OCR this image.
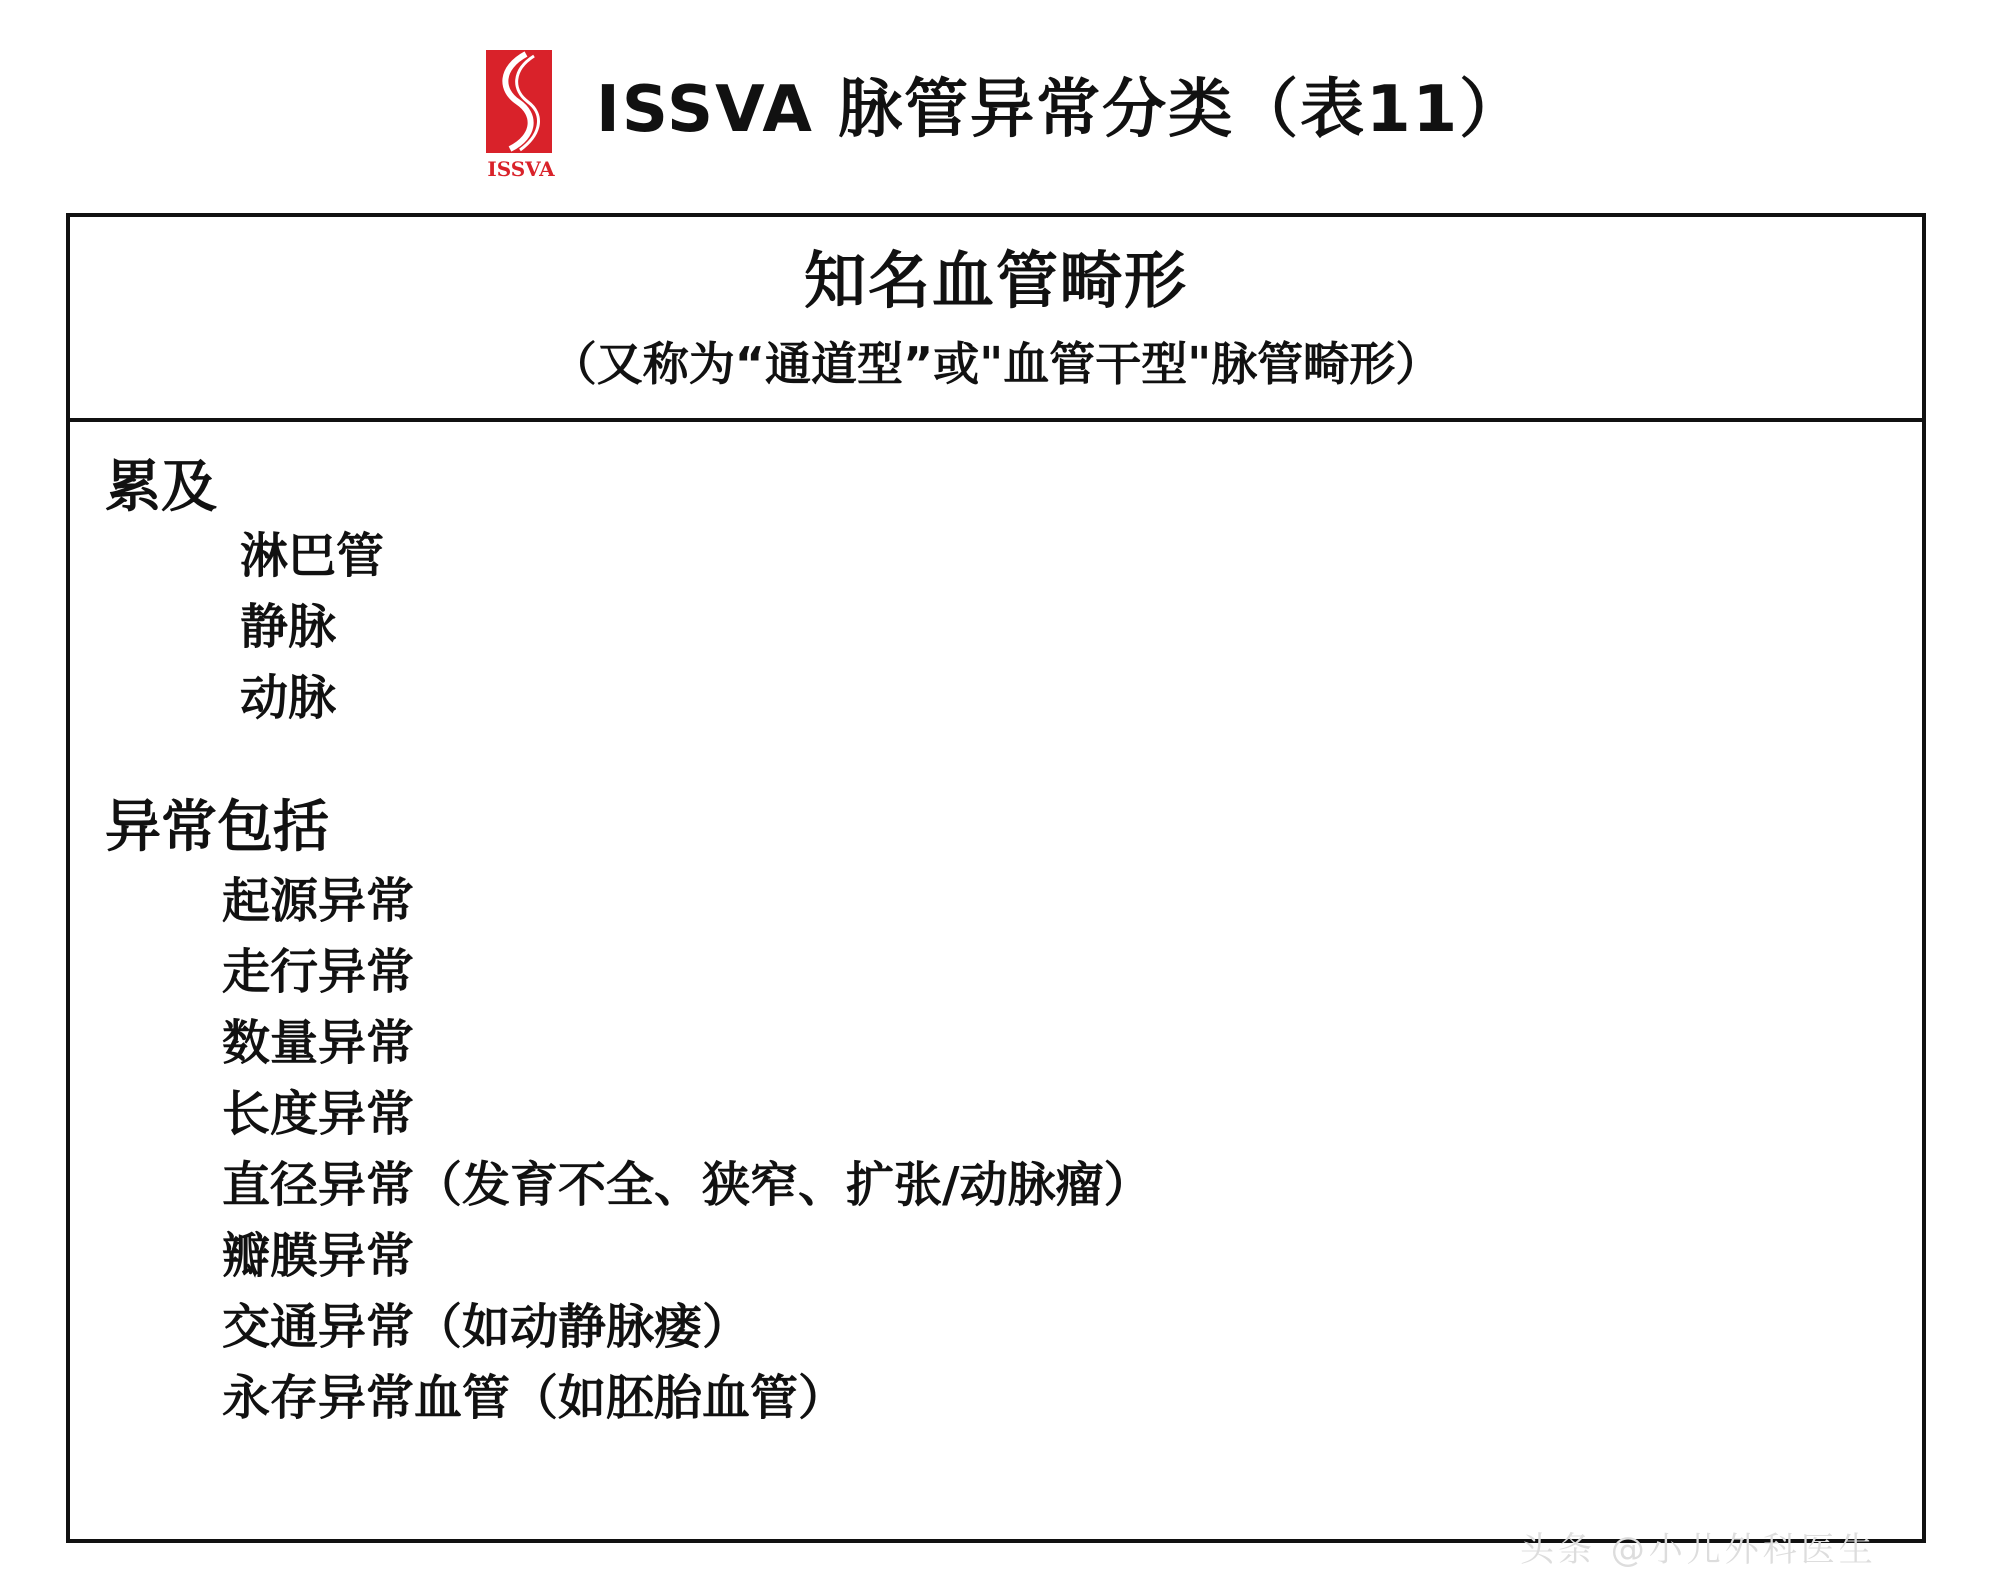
ISSVA
ISSVA 脉管异常分类（表11）
知名血管畸形
（又称为“通道型”或"血管干型"脉管畸形）
累及
淋巴管
静脉
动脉
异常包括
起源异常
走行异常
数量异常
长度异常
直径异常（发育不全、狭窄、扩张/动脉瘤）
瓣膜异常
交通异常（如动静脉瘘）
永存异常血管（如胚胎血管）
头条 @小儿外科医生
